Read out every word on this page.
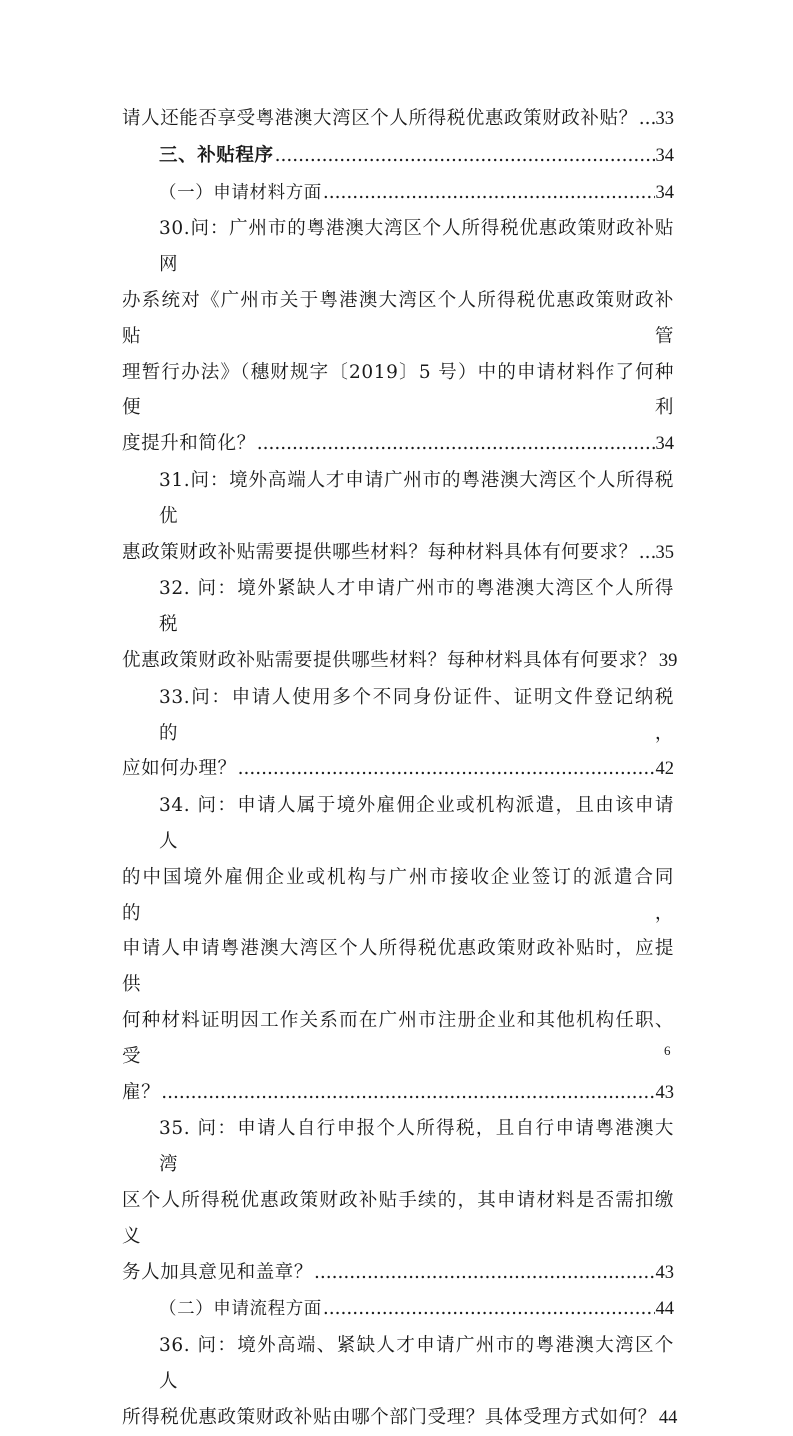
请人还能否享受粤港澳大湾区个人所得税优惠政策财政补贴？ ..... 33
三、补贴程序 .....	34
（一）申请材料方面 .....	34
30.问：广州市的粤港澳大湾区个人所得税优惠政策财政补贴网
办系统对《广州市关于粤港澳大湾区个人所得税优惠政策财政补贴管
理暂行办法》（穗财规字〔2019〕5 号）中的申请材料作了何种便利
度提升和简化？ .....	34
31.问：境外高端人才申请广州市的粤港澳大湾区个人所得税优
惠政策财政补贴需要提供哪些材料？每种材料具体有何要求？ ..... 35
32. 问：境外紧缺人才申请广州市的粤港澳大湾区个人所得税
优惠政策财政补贴需要提供哪些材料？每种材料具体有何要求？ 39
33.问：申请人使用多个不同身份证件、证明文件登记纳税的，
应如何办理？ .....	42
34. 问：申请人属于境外雇佣企业或机构派遣，且由该申请人
的中国境外雇佣企业或机构与广州市接收企业签订的派遣合同的，
申请人申请粤港澳大湾区个人所得税优惠政策财政补贴时，应提供
何种材料证明因工作关系而在广州市注册企业和其他机构任职、受
雇？ .....	43
35. 问：申请人自行申报个人所得税，且自行申请粤港澳大湾
区个人所得税优惠政策财政补贴手续的，其申请材料是否需扣缴义
务人加具意见和盖章？ .....	43
（二）申请流程方面 .....	44
36. 问：境外高端、紧缺人才申请广州市的粤港澳大湾区个人
所得税优惠政策财政补贴由哪个部门受理？具体受理方式如何？ 44
6
